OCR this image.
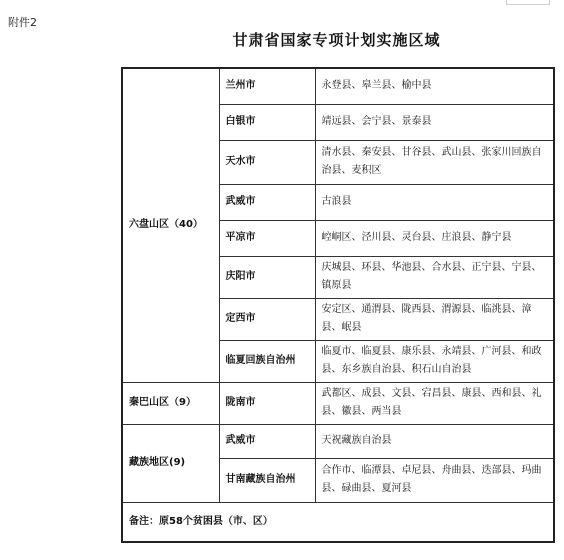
附件2
甘肃省国家专项计划实施区域
六盘山区（40）	兰州市	永登县、皋兰县、榆中县
	白银市	靖远县、会宁县、景泰县
	天水市	清水县、秦安县、甘谷县、武山县、张家川回族自治县、麦积区
	武威市	古浪县
	平凉市	崆峒区、泾川县、灵台县、庄浪县、静宁县
	庆阳市	庆城县、环县、华池县、合水县、正宁县、宁县、镇原县
	定西市	安定区、通渭县、陇西县、渭源县、临洮县、漳县、岷县
	临夏回族自治州	临夏市、临夏县、康乐县、永靖县、广河县、和政县、东乡族自治县、积石山自治县
秦巴山区（9）	陇南市	武都区、成县、文县、宕昌县、康县、西和县、礼县、徽县、两当县
藏族地区(9)	武威市	天祝藏族自治县
	甘南藏族自治州	合作市、临潭县、卓尼县、舟曲县、迭部县、玛曲县、碌曲县、夏河县
备注：原58个贫困县（市、区）		
